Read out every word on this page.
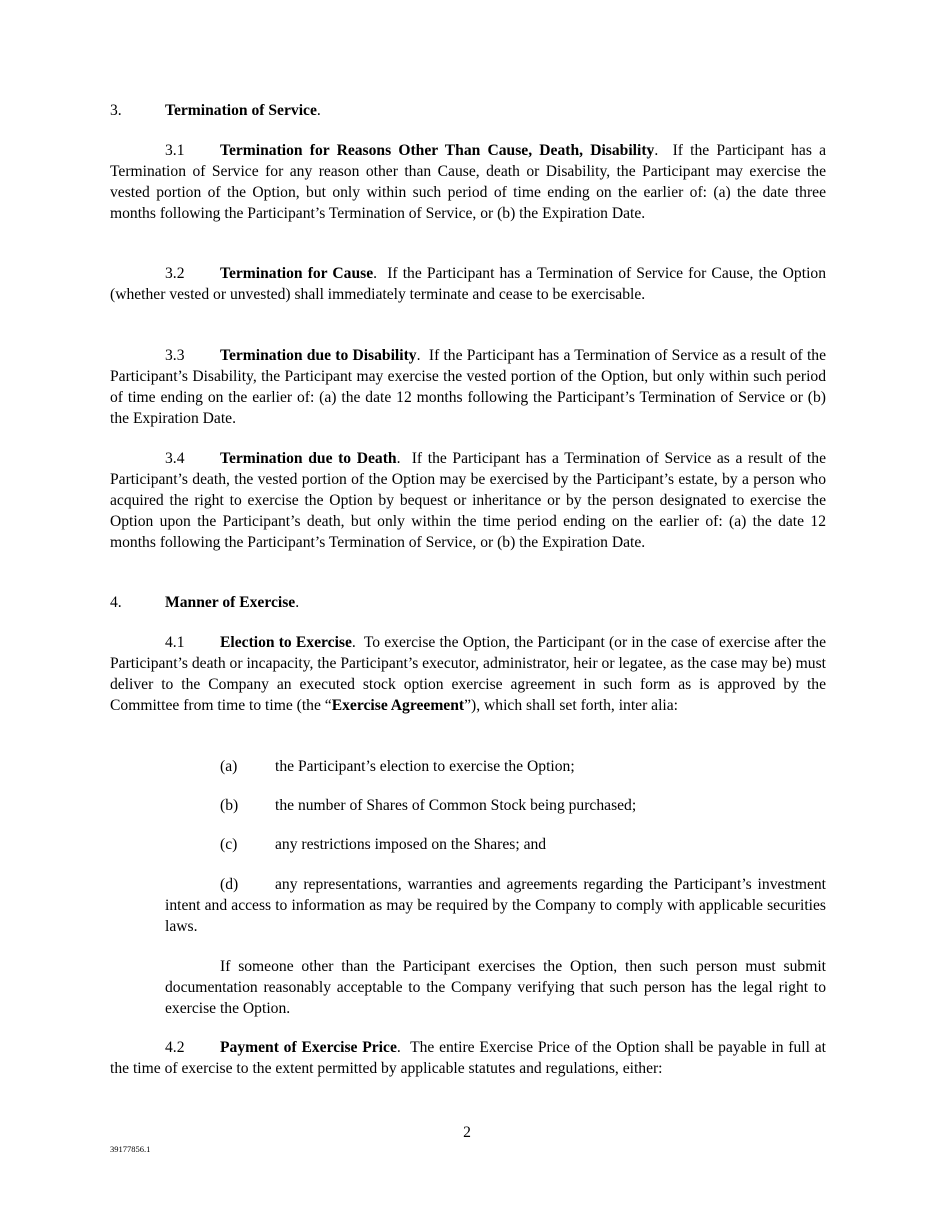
3.	Termination of Service.
3.1 Termination for Reasons Other Than Cause, Death, Disability.  If the Participant has a Termination of Service for any reason other than Cause, death or Disability, the Participant may exercise the vested portion of the Option, but only within such period of time ending on the earlier of: (a) the date three months following the Participant’s Termination of Service, or (b) the Expiration Date.
3.2 Termination for Cause.  If the Participant has a Termination of Service for Cause, the Option (whether vested or unvested) shall immediately terminate and cease to be exercisable.
3.3 Termination due to Disability.  If the Participant has a Termination of Service as a result of the Participant’s Disability, the Participant may exercise the vested portion of the Option, but only within such period of time ending on the earlier of: (a) the date 12 months following the Participant’s Termination of Service or (b) the Expiration Date.
3.4 Termination due to Death.  If the Participant has a Termination of Service as a result of the Participant’s death, the vested portion of the Option may be exercised by the Participant’s estate, by a person who acquired the right to exercise the Option by bequest or inheritance or by the person designated to exercise the Option upon the Participant’s death, but only within the time period ending on the earlier of: (a) the date 12 months following the Participant’s Termination of Service, or (b) the Expiration Date.
4.	Manner of Exercise.
4.1 Election to Exercise.  To exercise the Option, the Participant (or in the case of exercise after the Participant’s death or incapacity, the Participant’s executor, administrator, heir or legatee, as the case may be) must deliver to the Company an executed stock option exercise agreement in such form as is approved by the Committee from time to time (the “Exercise Agreement”), which shall set forth, inter alia:
(a) the Participant’s election to exercise the Option;
(b) the number of Shares of Common Stock being purchased;
(c) any restrictions imposed on the Shares; and
(d) any representations, warranties and agreements regarding the Participant’s investment intent and access to information as may be required by the Company to comply with applicable securities laws.
If someone other than the Participant exercises the Option, then such person must submit documentation reasonably acceptable to the Company verifying that such person has the legal right to exercise the Option.
4.2 Payment of Exercise Price.  The entire Exercise Price of the Option shall be payable in full at the time of exercise to the extent permitted by applicable statutes and regulations, either:
2
39177856.1
